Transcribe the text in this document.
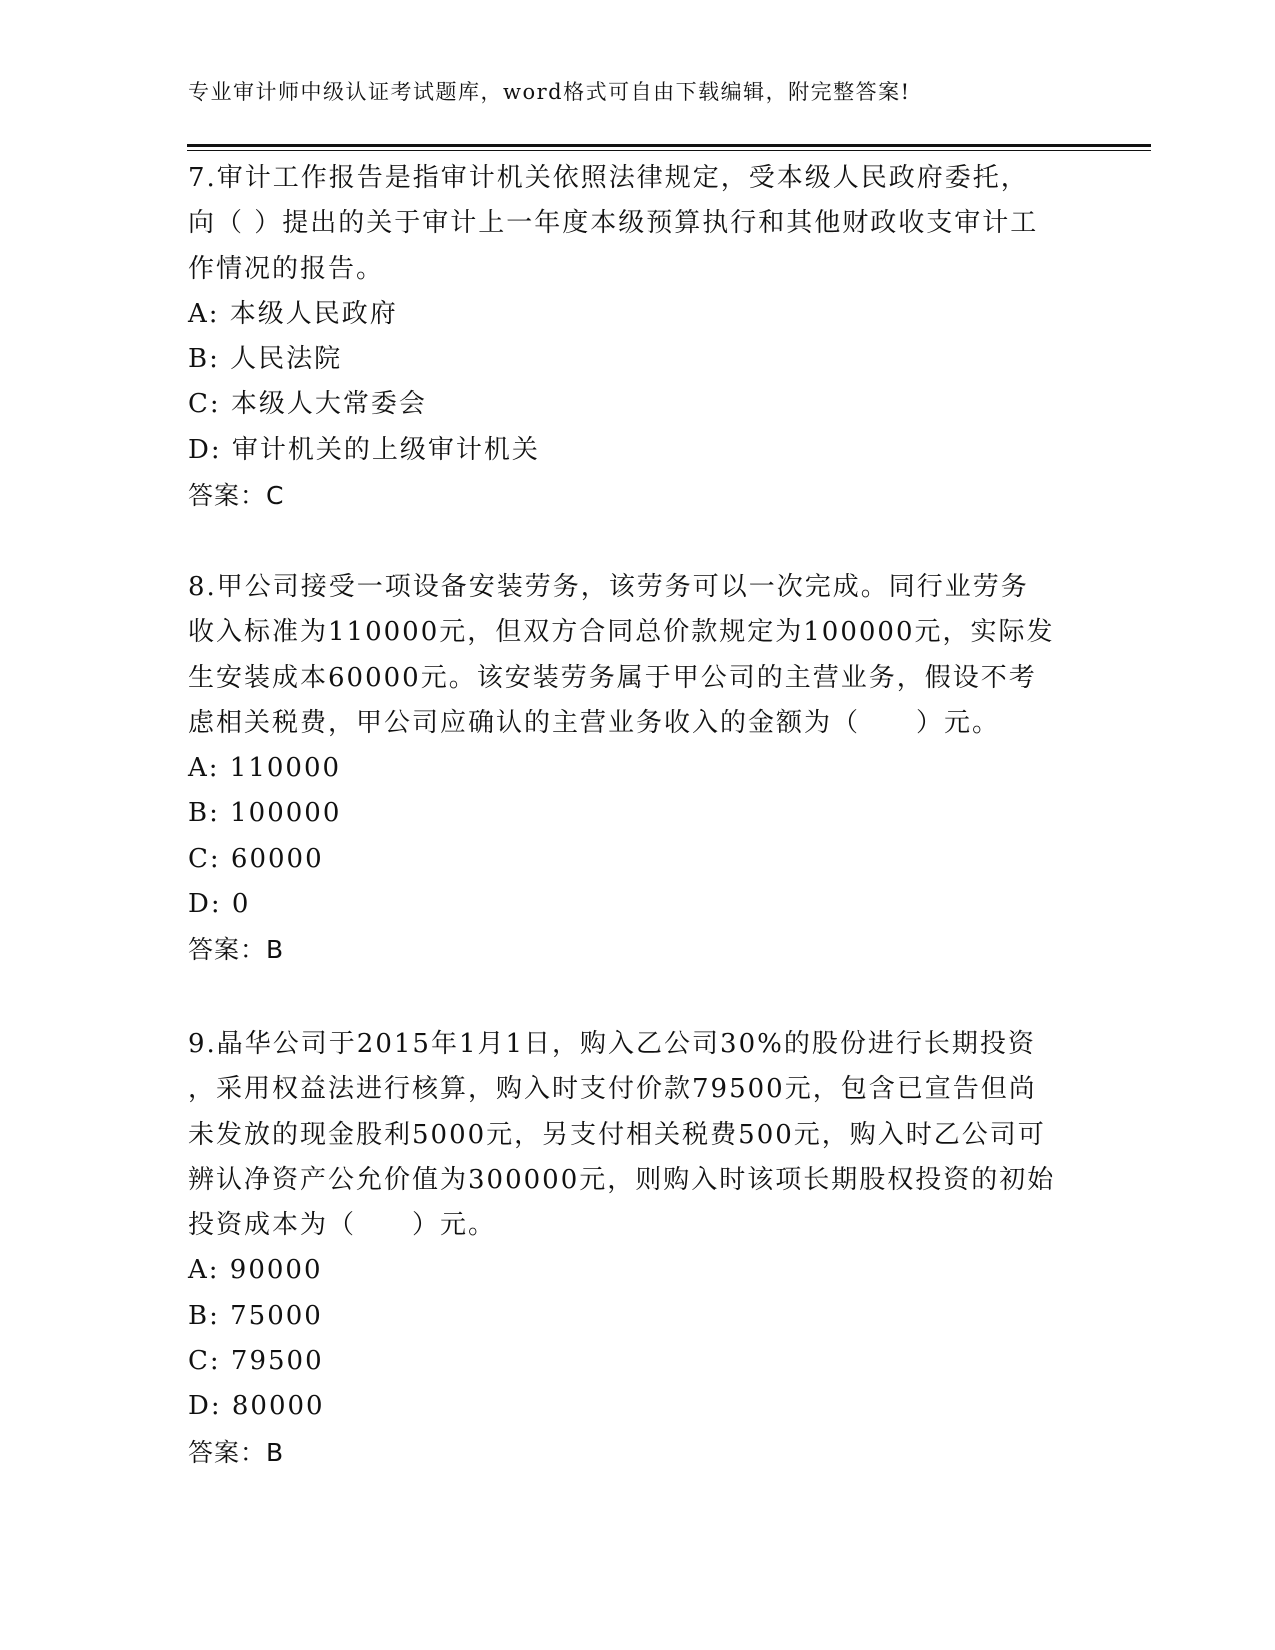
专业审计师中级认证考试题库，word格式可自由下载编辑，附完整答案!

7.审计工作报告是指审计机关依照法律规定，受本级人民政府委托，

向（ ）提出的关于审计上一年度本级预算执行和其他财政收支审计工

作情况的报告。

A: 本级人民政府

B: 人民法院

C: 本级人大常委会

D: 审计机关的上级审计机关

答案：C

8.甲公司接受一项设备安装劳务，该劳务可以一次完成。同行业劳务

收入标准为110000元，但双方合同总价款规定为100000元，实际发

生安装成本60000元。该安装劳务属于甲公司的主营业务，假设不考

虑相关税费，甲公司应确认的主营业务收入的金额为（　　）元。

A: 110000

B: 100000

C: 60000

D: 0

答案：B

9.晶华公司于2015年1月1日，购入乙公司30%的股份进行长期投资

，采用权益法进行核算，购入时支付价款79500元，包含已宣告但尚

未发放的现金股利5000元，另支付相关税费500元，购入时乙公司可

辨认净资产公允价值为300000元，则购入时该项长期股权投资的初始

投资成本为（　　）元。

A: 90000

B: 75000

C: 79500

D: 80000

答案：B
